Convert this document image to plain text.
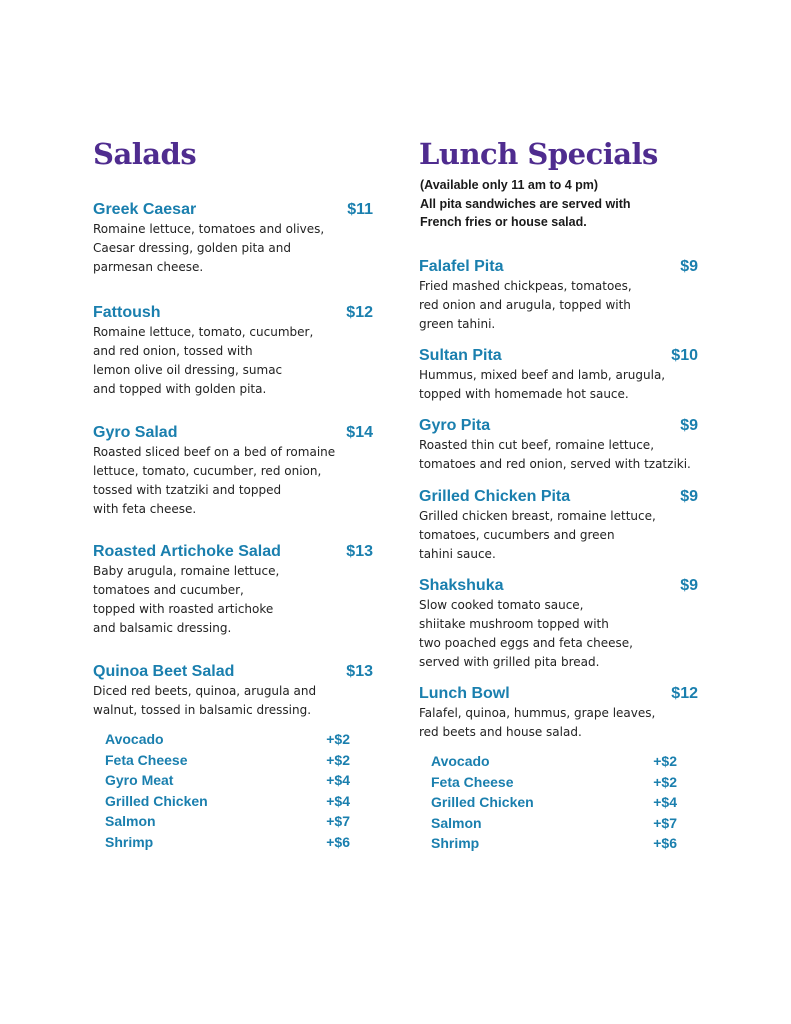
Salads
Greek Caesar	$11
Romaine lettuce, tomatoes and olives,
Caesar dressing, golden pita and
parmesan cheese.
Fattoush	$12
Romaine lettuce, tomato, cucumber,
and red onion, tossed with
lemon olive oil dressing, sumac
and topped with golden pita.
Gyro Salad	$14
Roasted sliced beef on a bed of romaine
lettuce, tomato, cucumber, red onion,
tossed with tzatziki and topped
with feta cheese.
Roasted Artichoke Salad	$13
Baby arugula, romaine lettuce,
tomatoes and cucumber,
topped with roasted artichoke
and balsamic dressing.
Quinoa Beet Salad	$13
Diced red beets, quinoa, arugula and
walnut, tossed in balsamic dressing.
Avocado	+$2
Feta Cheese	+$2
Gyro Meat	+$4
Grilled Chicken	+$4
Salmon	+$7
Shrimp	+$6
Lunch Specials
(Available only 11 am to 4 pm)
All pita sandwiches are served with
French fries or house salad.
Falafel Pita	$9
Fried mashed chickpeas, tomatoes,
red onion and arugula, topped with
green tahini.
Sultan Pita	$10
Hummus, mixed beef and lamb, arugula,
topped with homemade hot sauce.
Gyro Pita	$9
Roasted thin cut beef, romaine lettuce,
tomatoes and red onion, served with tzatziki.
Grilled Chicken Pita	$9
Grilled chicken breast, romaine lettuce,
tomatoes, cucumbers and green
tahini sauce.
Shakshuka	$9
Slow cooked tomato sauce,
shiitake mushroom topped with
two poached eggs and feta cheese,
served with grilled pita bread.
Lunch Bowl	$12
Falafel, quinoa, hummus, grape leaves,
red beets and house salad.
Avocado	+$2
Feta Cheese	+$2
Grilled Chicken	+$4
Salmon	+$7
Shrimp	+$6
